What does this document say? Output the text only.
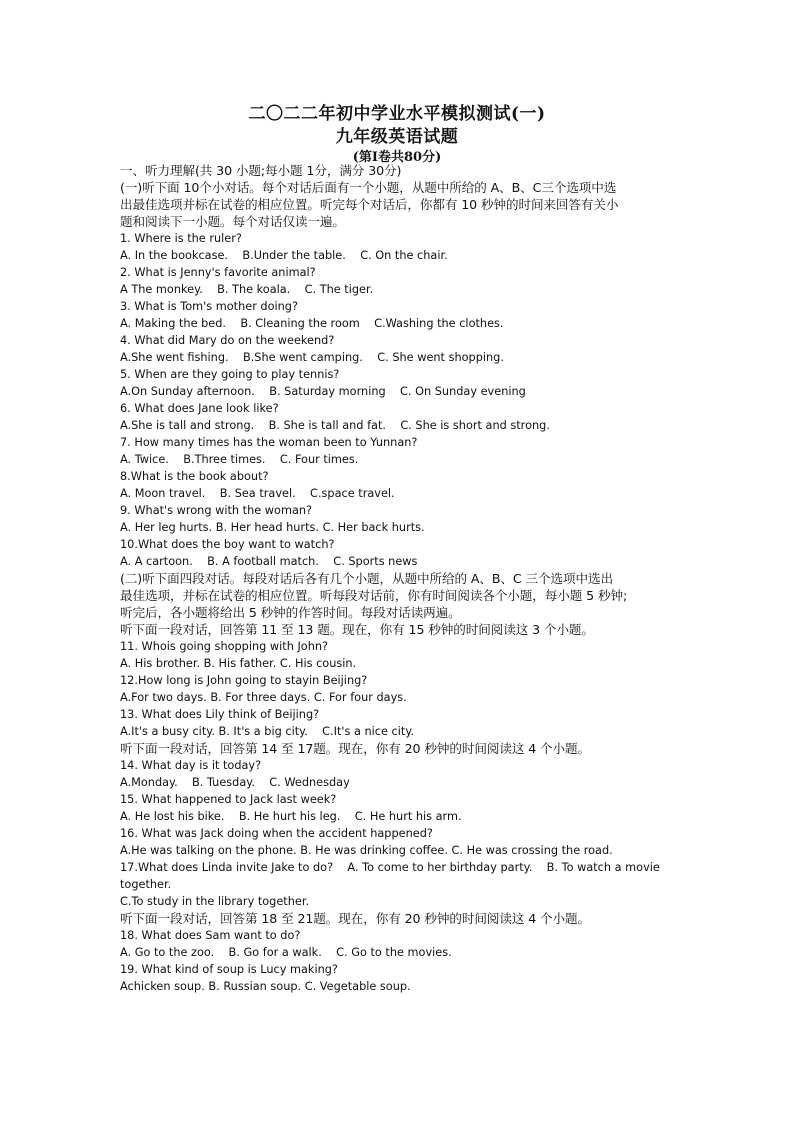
二〇二二年初中学业水平模拟测试(一)
九年级英语试题
(第Ⅰ卷共80分)
一、听力理解(共 30 小题;每小题 1分，满分 30分)
(一)听下面 10个小对话。每个对话后面有一个小题，从题中所给的 A、B、C三个选项中选
出最佳选项并标在试卷的相应位置。听完每个对话后，你都有 10 秒钟的时间来回答有关小
题和阅读下一小题。每个对话仅读一遍。
1. Where is the ruler?
A. In the bookcase.    B.Under the table.    C. On the chair.
2. What is Jenny's favorite animal?
A The monkey.    B. The koala.    C. The tiger.
3. What is Tom's mother doing?
A. Making the bed.    B. Cleaning the room    C.Washing the clothes.
4. What did Mary do on the weekend?
A.She went fishing.    B.She went camping.    C. She went shopping.
5. When are they going to play tennis?
A.On Sunday afternoon.    B. Saturday morning    C. On Sunday evening
6. What does Jane look like?
A.She is tall and strong.    B. She is tall and fat.    C. She is short and strong.
7. How many times has the woman been to Yunnan?
A. Twice.    B.Three times.    C. Four times.
8.What is the book about?
A. Moon travel.    B. Sea travel.    C.space travel.
9. What's wrong with the woman?
A. Her leg hurts. B. Her head hurts. C. Her back hurts.
10.What does the boy want to watch?
A. A cartoon.    B. A football match.    C. Sports news
(二)听下面四段对话。每段对话后各有几个小题，从题中所给的 A、B、C 三个选项中选出
最佳选项，并标在试卷的相应位置。听每段对话前，你有时间阅读各个小题，每小题 5 秒钟;
听完后，各小题将给出 5 秒钟的作答时间。每段对话读两遍。
听下面一段对话，回答第 11 至 13 题。现在，你有 15 秒钟的时间阅读这 3 个小题。
11. Whois going shopping with John?
A. His brother. B. His father. C. His cousin.
12.How long is John going to stayin Beijing?
A.For two days. B. For three days. C. For four days.
13. What does Lily think of Beijing?
A.It's a busy city. B. It's a big city.    C.It's a nice city.
听下面一段对话，回答第 14 至 17题。现在，你有 20 秒钟的时间阅读这 4 个小题。
14. What day is it today?
A.Monday.    B. Tuesday.    C. Wednesday
15. What happened to Jack last week?
A. He lost his bike.    B. He hurt his leg.    C. He hurt his arm.
16. What was Jack doing when the accident happened?
A.He was talking on the phone. B. He was drinking coffee. C. He was crossing the road.
17.What does Linda invite Jake to do?    A. To come to her birthday party.    B. To watch a movie
together.
C.To study in the library together.
听下面一段对话，回答第 18 至 21题。现在，你有 20 秒钟的时间阅读这 4 个小题。
18. What does Sam want to do?
A. Go to the zoo.    B. Go for a walk.    C. Go to the movies.
19. What kind of soup is Lucy making?
Achicken soup. B. Russian soup. C. Vegetable soup.
